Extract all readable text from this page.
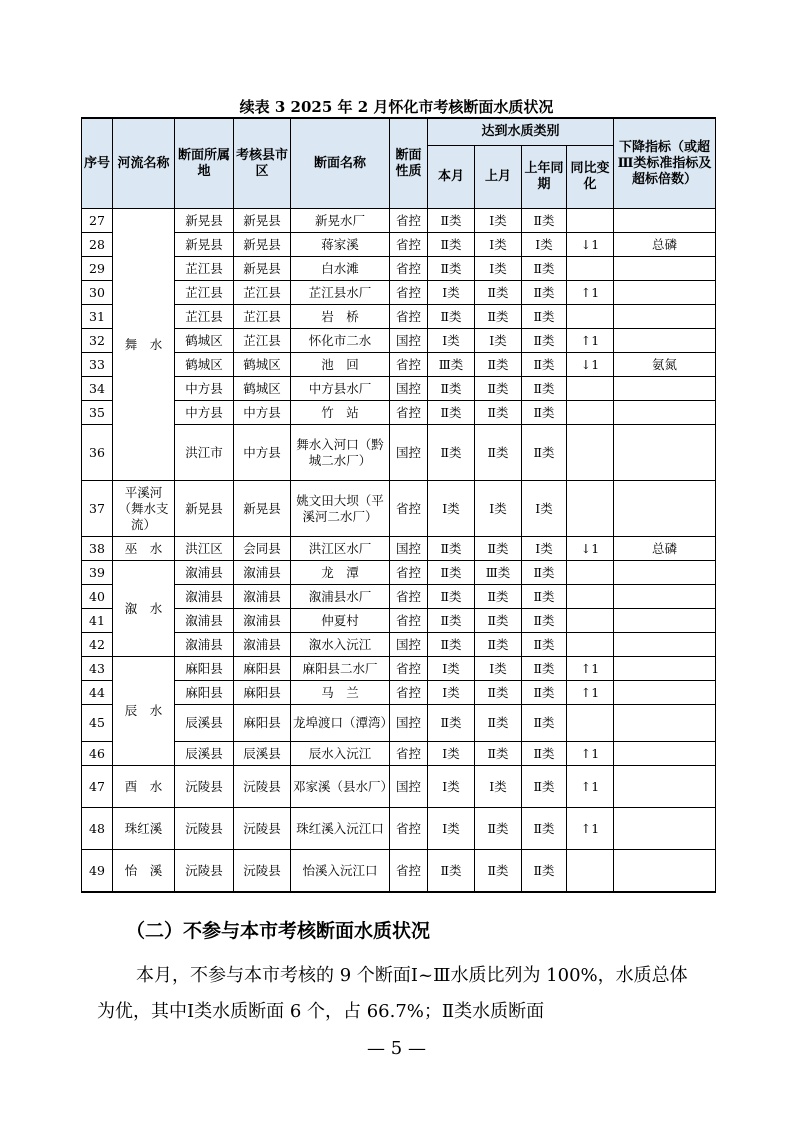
续表 3 2025 年 2 月怀化市考核断面水质状况
序号	河流名称	断面所属地	考核县市区	断面名称	断面性质	达到水质类别				下降指标（或超Ⅲ类标准指标及超标倍数）
						本月	上月	上年同期	同比变化	
27	舞　水	新晃县	新晃县	新晃水厂	省控	Ⅱ类	Ⅰ类	Ⅱ类		
28		新晃县	新晃县	蒋家溪	省控	Ⅱ类	Ⅰ类	Ⅰ类	↓1	总磷
29		芷江县	新晃县	白水滩	省控	Ⅱ类	Ⅰ类	Ⅱ类		
30		芷江县	芷江县	芷江县水厂	省控	Ⅰ类	Ⅱ类	Ⅱ类	↑1	
31		芷江县	芷江县	岩　桥	省控	Ⅱ类	Ⅱ类	Ⅱ类		
32		鹤城区	芷江县	怀化市二水	国控	Ⅰ类	Ⅰ类	Ⅱ类	↑1	
33		鹤城区	鹤城区	池　回	省控	Ⅲ类	Ⅱ类	Ⅱ类	↓1	氨氮
34		中方县	鹤城区	中方县水厂	国控	Ⅱ类	Ⅱ类	Ⅱ类		
35		中方县	中方县	竹　站	省控	Ⅱ类	Ⅱ类	Ⅱ类		
36		洪江市	中方县	舞水入河口（黔城二水厂）	国控	Ⅱ类	Ⅱ类	Ⅱ类		
37	平溪河（舞水支流）	新晃县	新晃县	姚文田大坝（平溪河二水厂）	省控	Ⅰ类	Ⅰ类	Ⅰ类		
38	巫　水	洪江区	会同县	洪江区水厂	国控	Ⅱ类	Ⅱ类	Ⅰ类	↓1	总磷
39	溆　水	溆浦县	溆浦县	龙　潭	省控	Ⅱ类	Ⅲ类	Ⅱ类		
40		溆浦县	溆浦县	溆浦县水厂	省控	Ⅱ类	Ⅱ类	Ⅱ类		
41		溆浦县	溆浦县	仲夏村	省控	Ⅱ类	Ⅱ类	Ⅱ类		
42		溆浦县	溆浦县	溆水入沅江	国控	Ⅱ类	Ⅱ类	Ⅱ类		
43	辰　水	麻阳县	麻阳县	麻阳县二水厂	省控	Ⅰ类	Ⅰ类	Ⅱ类	↑1	
44		麻阳县	麻阳县	马　兰	省控	Ⅰ类	Ⅱ类	Ⅱ类	↑1	
45		辰溪县	麻阳县	龙埠渡口（潭湾）	国控	Ⅱ类	Ⅱ类	Ⅱ类		
46		辰溪县	辰溪县	辰水入沅江	省控	Ⅰ类	Ⅱ类	Ⅱ类	↑1	
47	酉　水	沅陵县	沅陵县	邓家溪（县水厂）	国控	Ⅰ类	Ⅰ类	Ⅱ类	↑1	
48	珠红溪	沅陵县	沅陵县	珠红溪入沅江口	省控	Ⅰ类	Ⅱ类	Ⅱ类	↑1	
49	怡　溪	沅陵县	沅陵县	怡溪入沅江口	省控	Ⅱ类	Ⅱ类	Ⅱ类		
（二）不参与本市考核断面水质状况
本月，不参与本市考核的 9 个断面Ⅰ~Ⅲ水质比列为 100%，水质总体为优，其中Ⅰ类水质断面 6 个，占 66.7%；Ⅱ类水质断面
— 5 —
